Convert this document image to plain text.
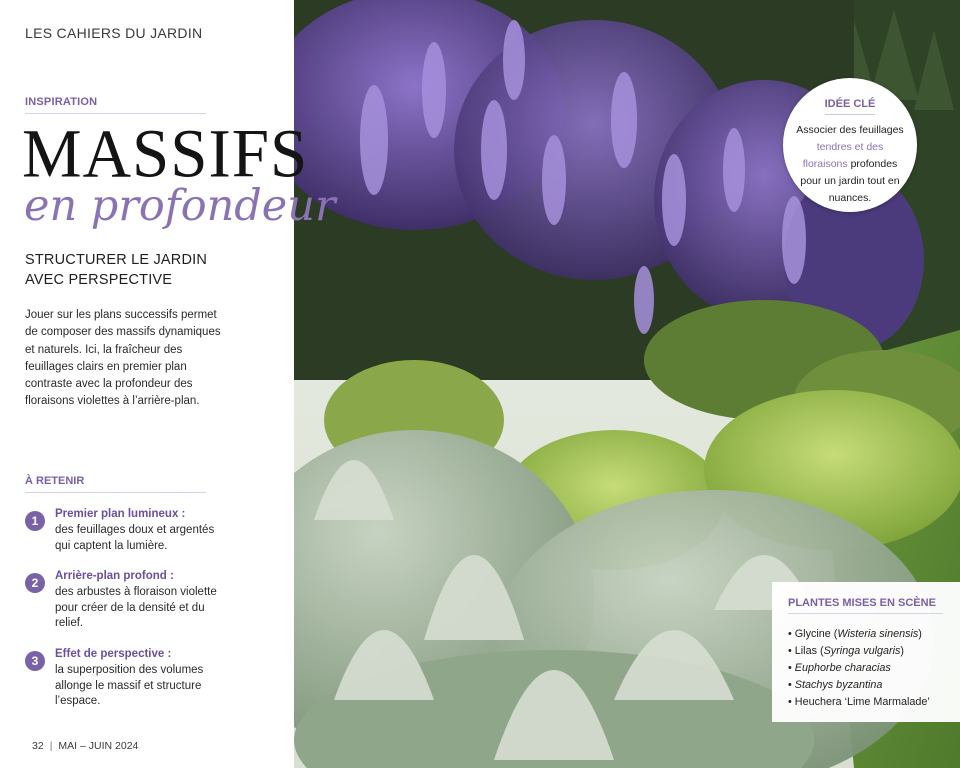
LES CAHIERS DU JARDIN
INSPIRATION
MASSIFS
STRUCTURER LE JARDIN
AVEC PERSPECTIVE
Jouer sur les plans successifs permet de composer des massifs dynamiques et naturels. Ici, la fraîcheur des feuillages clairs en premier plan contraste avec la profondeur des floraisons violettes à l’arrière-plan.
À RETENIR
1	Premier plan lumineux :
des feuillages doux et argentés qui captent la lumière.
2	Arrière-plan profond :
des arbustes à floraison violette pour créer de la densité et du relief.
3	Effet de perspective :
la superposition des volumes allonge le massif et structure l’espace.
32 | MAI – JUIN 2024
en profondeur
IDÉE CLÉ
Associer des feuillages tendres et des floraisons profondes pour un jardin tout en nuances.
PLANTES MISES EN SCÈNE
• Glycine (Wisteria sinensis)
• Lilas (Syringa vulgaris)
• Euphorbe characias
• Stachys byzantina
• Heuchera ‘Lime Marmalade’
